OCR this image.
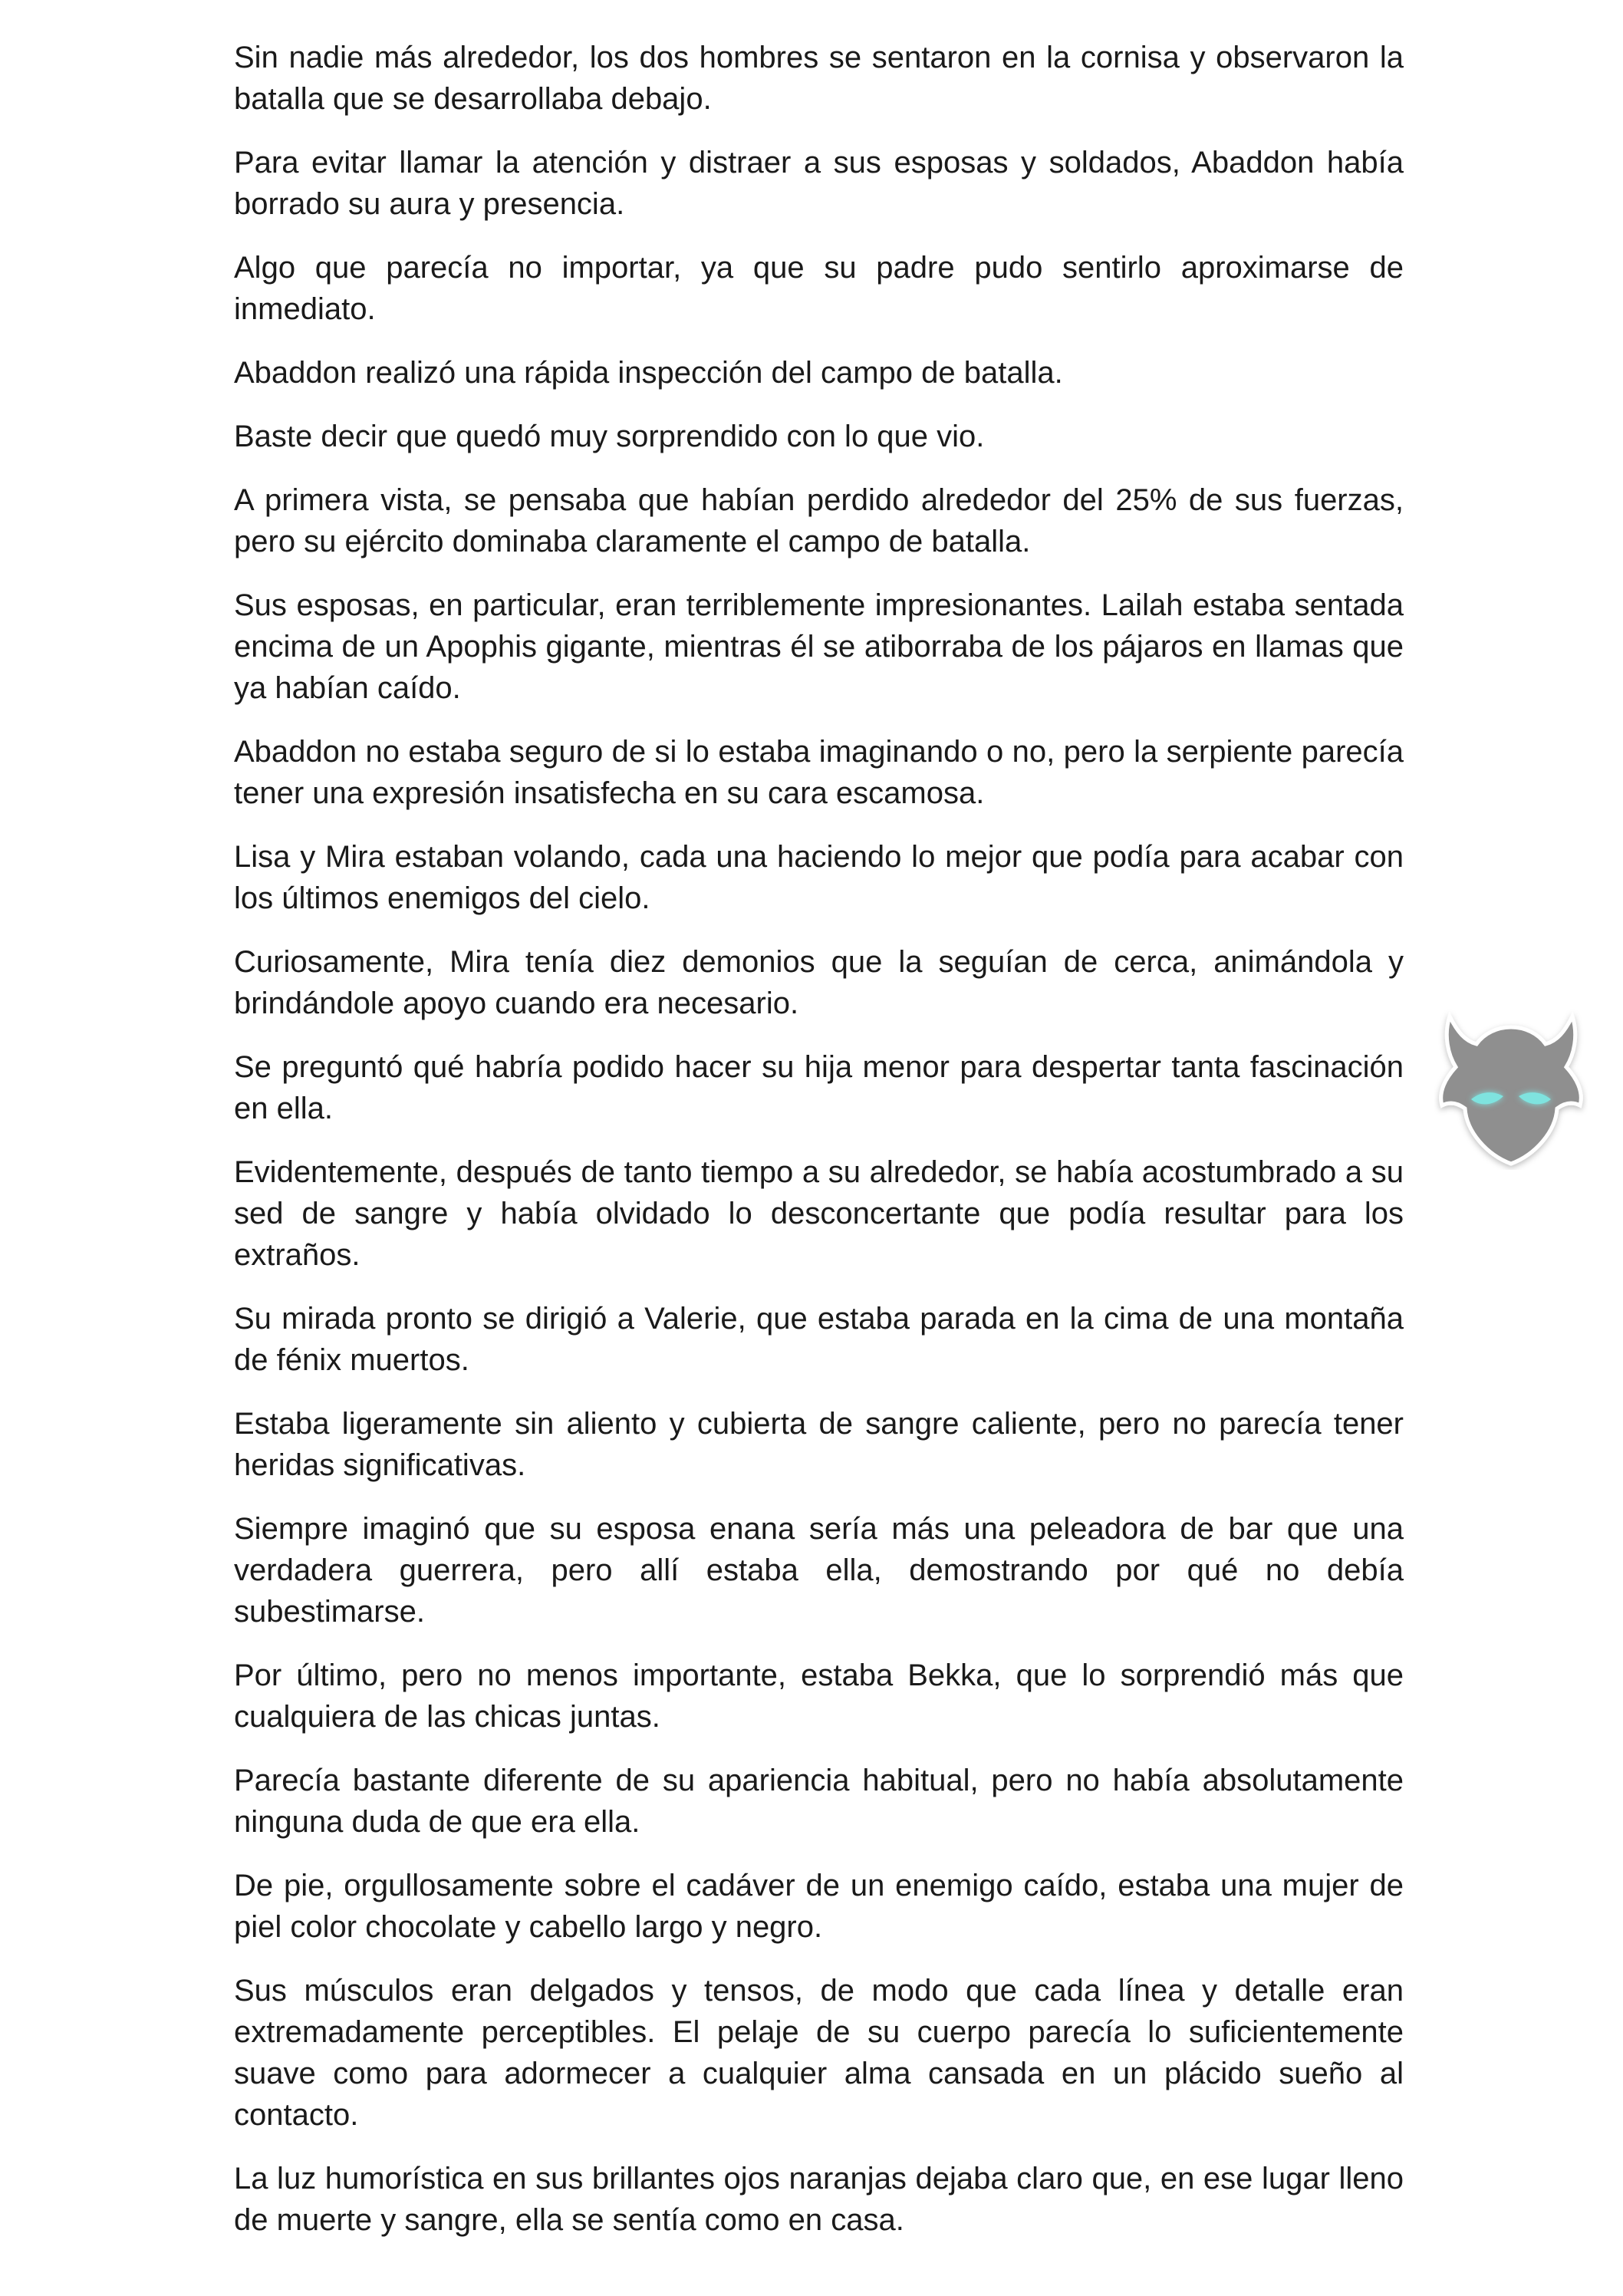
Sin nadie más alrededor, los dos hombres se sentaron en la cornisa y observaron la batalla que se desarrollaba debajo.

Para evitar llamar la atención y distraer a sus esposas y soldados, Abaddon había borrado su aura y presencia.

Algo que parecía no importar, ya que su padre pudo sentirlo aproximarse de inmediato.

Abaddon realizó una rápida inspección del campo de batalla.

Baste decir que quedó muy sorprendido con lo que vio.

A primera vista, se pensaba que habían perdido alrededor del 25% de sus fuerzas, pero su ejército dominaba claramente el campo de batalla.

Sus esposas, en particular, eran terriblemente impresionantes. Lailah estaba sentada encima de un Apophis gigante, mientras él se atiborraba de los pájaros en llamas que ya habían caído.

Abaddon no estaba seguro de si lo estaba imaginando o no, pero la serpiente parecía tener una expresión insatisfecha en su cara escamosa.

Lisa y Mira estaban volando, cada una haciendo lo mejor que podía para acabar con los últimos enemigos del cielo.

Curiosamente, Mira tenía diez demonios que la seguían de cerca, animándola y brindándole apoyo cuando era necesario.

Se preguntó qué habría podido hacer su hija menor para despertar tanta fascinación en ella.

Evidentemente, después de tanto tiempo a su alrededor, se había acostumbrado a su sed de sangre y había olvidado lo desconcertante que podía resultar para los extraños.

Su mirada pronto se dirigió a Valerie, que estaba parada en la cima de una montaña de fénix muertos.

Estaba ligeramente sin aliento y cubierta de sangre caliente, pero no parecía tener heridas significativas.

Siempre imaginó que su esposa enana sería más una peleadora de bar que una verdadera guerrera, pero allí estaba ella, demostrando por qué no debía subestimarse.

Por último, pero no menos importante, estaba Bekka, que lo sorprendió más que cualquiera de las chicas juntas.

Parecía bastante diferente de su apariencia habitual, pero no había absolutamente ninguna duda de que era ella.

De pie, orgullosamente sobre el cadáver de un enemigo caído, estaba una mujer de piel color chocolate y cabello largo y negro.

Sus músculos eran delgados y tensos, de modo que cada línea y detalle eran extremadamente perceptibles. El pelaje de su cuerpo parecía lo suficientemente suave como para adormecer a cualquier alma cansada en un plácido sueño al contacto.

La luz humorística en sus brillantes ojos naranjas dejaba claro que, en ese lugar lleno de muerte y sangre, ella se sentía como en casa.
